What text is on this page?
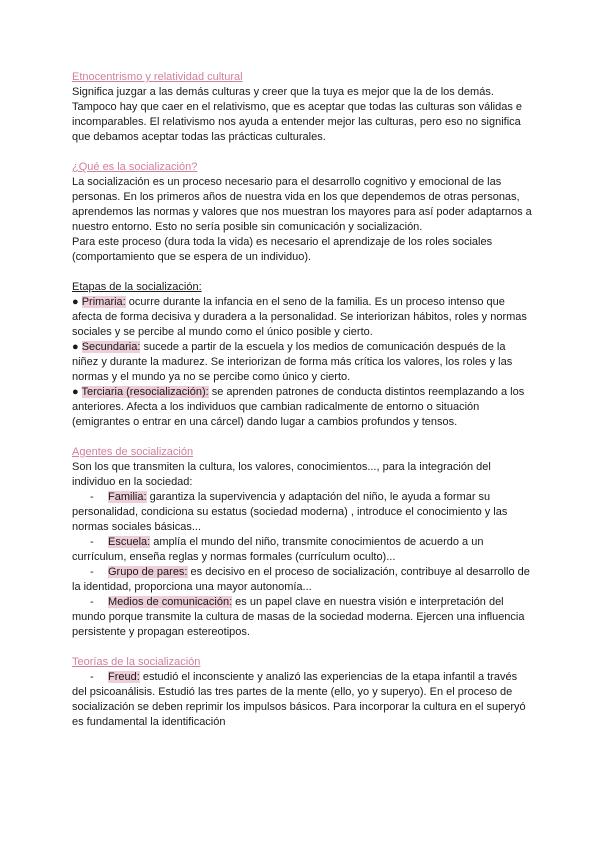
Etnocentrismo y relatividad cultural

Significa juzgar a las demás culturas y creer que la tuya es mejor que la de los demás. Tampoco hay que caer en el relativismo, que es aceptar que todas las culturas son válidas e incomparables. El relativismo nos ayuda a entender mejor las culturas, pero eso no significa que debamos aceptar todas las prácticas culturales.

¿Qué es la socialización?

La socialización es un proceso necesario para el desarrollo cognitivo y emocional de las personas. En los primeros años de nuestra vida en los que dependemos de otras personas, aprendemos las normas y valores que nos muestran los mayores para así poder adaptarnos a nuestro entorno. Esto no sería posible sin comunicación y socialización.

Para este proceso (dura toda la vida) es necesario el aprendizaje de los roles sociales (comportamiento que se espera de un individuo).

Etapas de la socialización:

● Primaria: ocurre durante la infancia en el seno de la familia. Es un proceso intenso que afecta de forma decisiva y duradera a la personalidad. Se interiorizan hábitos, roles y normas sociales y se percibe al mundo como el único posible y cierto.

● Secundaria: sucede a partir de la escuela y los medios de comunicación después de la niñez y durante la madurez. Se interiorizan de forma más crítica los valores, los roles y las normas y el mundo ya no se percibe como único y cierto.

● Terciaria (resocialización): se aprenden patrones de conducta distintos reemplazando a los anteriores. Afecta a los individuos que cambian radicalmente de entorno o situación (emigrantes o entrar en una cárcel) dando lugar a cambios profundos y tensos.

Agentes de socialización

Son los que transmiten la cultura, los valores, conocimientos..., para la integración del individuo en la sociedad:

- Familia: garantiza la supervivencia y adaptación del niño, le ayuda a formar su personalidad, condiciona su estatus (sociedad moderna) , introduce el conocimiento y las normas sociales básicas...

- Escuela: amplía el mundo del niño, transmite conocimientos de acuerdo a un currículum, enseña reglas y normas formales (currículum oculto)...

- Grupo de pares: es decisivo en el proceso de socialización, contribuye al desarrollo de la identidad, proporciona una mayor autonomía...

- Medios de comunicación: es un papel clave en nuestra visión e interpretación del mundo porque transmite la cultura de masas de la sociedad moderna. Ejercen una influencia persistente y propagan estereotipos.

Teorías de la socialización

- Freud: estudió el inconsciente y analizó las experiencias de la etapa infantil a través del psicoanálisis. Estudió las tres partes de la mente (ello, yo y superyo). En el proceso de socialización se deben reprimir los impulsos básicos. Para incorporar la cultura en el superyó es fundamental la identificación
